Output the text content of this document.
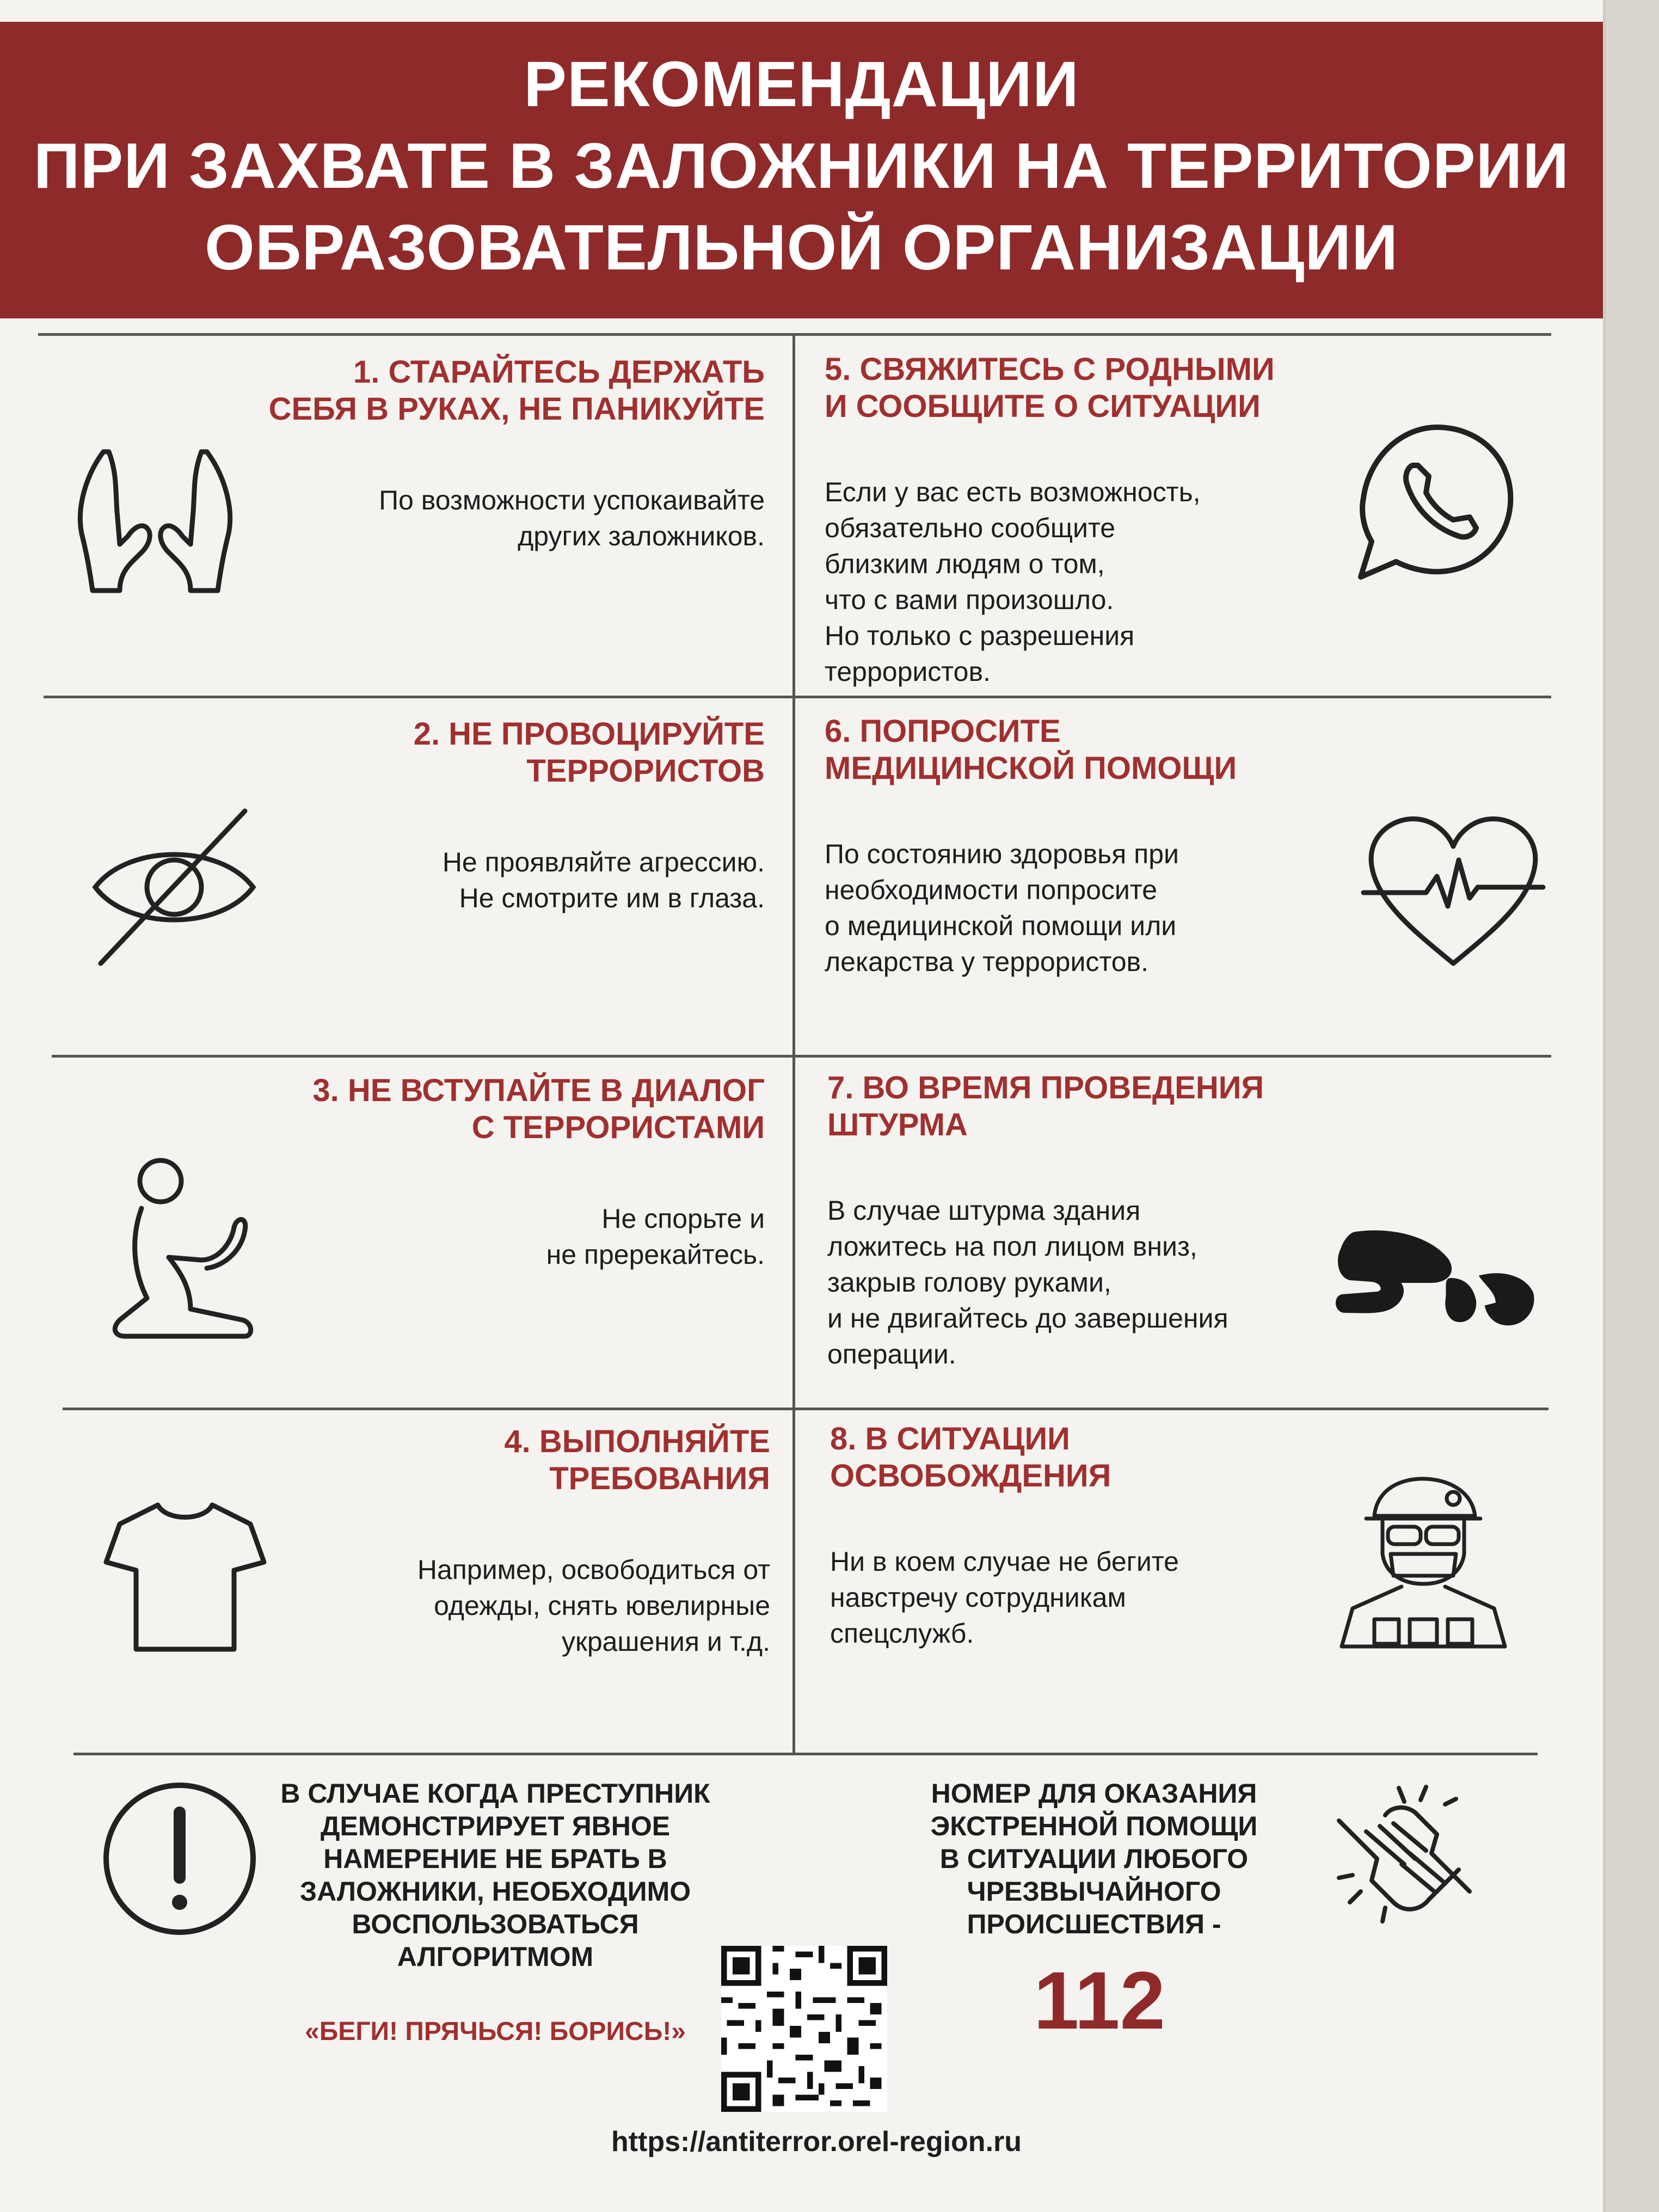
РЕКОМЕНДАЦИИ
ПРИ ЗАХВАТЕ В ЗАЛОЖНИКИ НА ТЕРРИТОРИИ
ОБРАЗОВАТЕЛЬНОЙ ОРГАНИЗАЦИИ
1. СТАРАЙТЕСЬ ДЕРЖАТЬ
СЕБЯ В РУКАХ, НЕ ПАНИКУЙТЕ
По возможности успокаивайте
других заложников.
2. НЕ ПРОВОЦИРУЙТЕ
ТЕРРОРИСТОВ
Не проявляйте агрессию.
Не смотрите им в глаза.
3. НЕ ВСТУПАЙТЕ В ДИАЛОГ
С ТЕРРОРИСТАМИ
Не спорьте и
не пререкайтесь.
4. ВЫПОЛНЯЙТЕ
ТРЕБОВАНИЯ
Например, освободиться от
одежды, снять ювелирные
украшения и т.д.
5. СВЯЖИТЕСЬ С РОДНЫМИ
И СООБЩИТЕ О СИТУАЦИИ
Если у вас есть возможность,
обязательно сообщите
близким людям о том,
что с вами произошло.
Но только с разрешения
террористов.
6. ПОПРОСИТЕ
МЕДИЦИНСКОЙ ПОМОЩИ
По состоянию здоровья при
необходимости попросите
о медицинской помощи или
лекарства у террористов.
7. ВО ВРЕМЯ ПРОВЕДЕНИЯ
ШТУРМА
В случае штурма здания
ложитесь на пол лицом вниз,
закрыв голову руками,
и не двигайтесь до завершения
операции.
8. В СИТУАЦИИ
ОСВОБОЖДЕНИЯ
Ни в коем случае не бегите
навстречу сотрудникам
спецслужб.
В СЛУЧАЕ КОГДА ПРЕСТУПНИК
ДЕМОНСТРИРУЕТ ЯВНОЕ
НАМЕРЕНИЕ НЕ БРАТЬ В
ЗАЛОЖНИКИ, НЕОБХОДИМО
ВОСПОЛЬЗОВАТЬСЯ
АЛГОРИТМОМ
«БЕГИ! ПРЯЧЬСЯ! БОРИСЬ!»
НОМЕР ДЛЯ ОКАЗАНИЯ
ЭКСТРЕННОЙ ПОМОЩИ
В СИТУАЦИИ ЛЮБОГО
ЧРЕЗВЫЧАЙНОГО
ПРОИСШЕСТВИЯ -
112
https://antiterror.orel-region.ru
